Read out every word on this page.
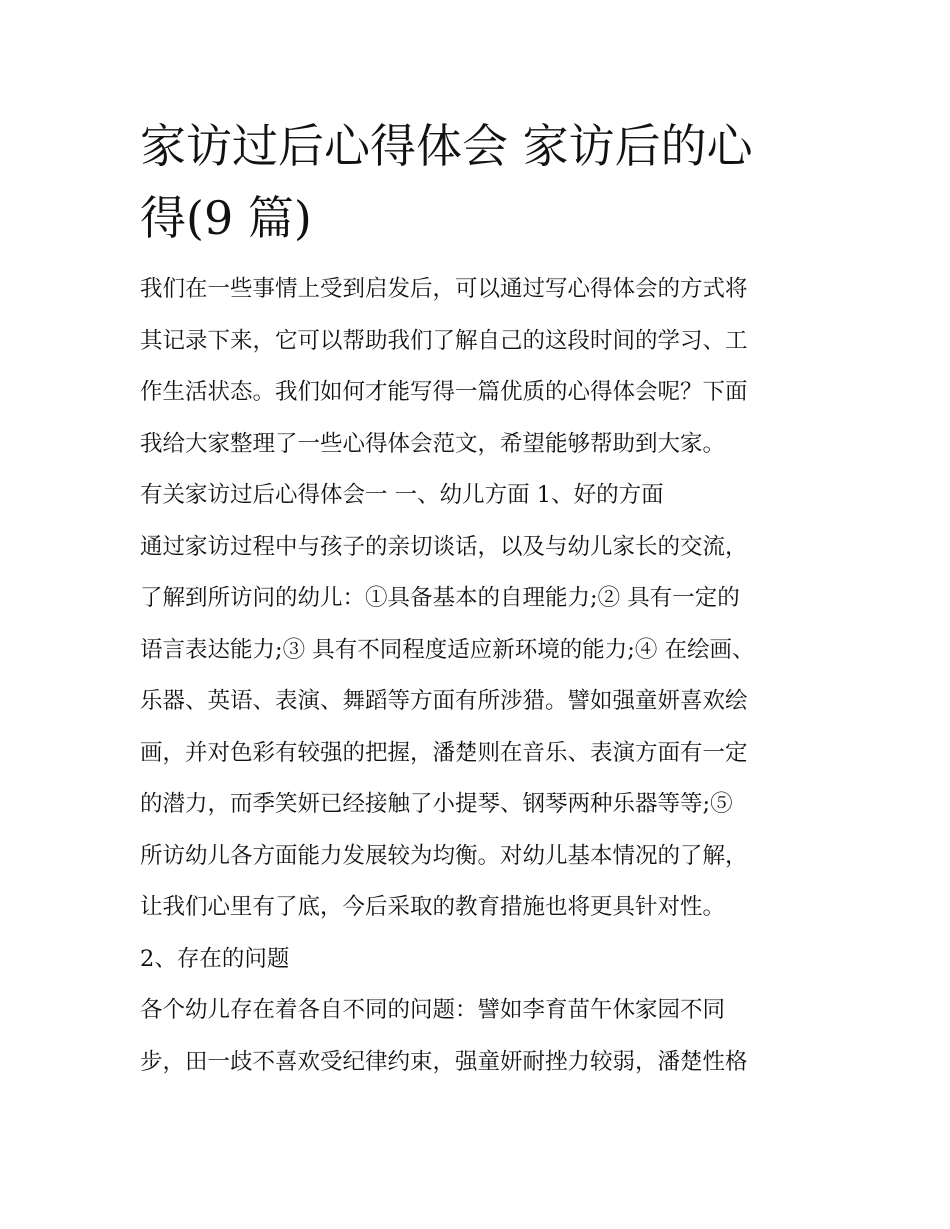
家访过后心得体会 家访后的心
得(9 篇)
我们在一些事情上受到启发后，可以通过写心得体会的方式将
其记录下来，它可以帮助我们了解自己的这段时间的学习、工
作生活状态。我们如何才能写得一篇优质的心得体会呢？下面
我给大家整理了一些心得体会范文，希望能够帮助到大家。
有关家访过后心得体会一 一、幼儿方面 1、好的方面
通过家访过程中与孩子的亲切谈话，以及与幼儿家长的交流，
了解到所访问的幼儿：①具备基本的自理能力;② 具有一定的
语言表达能力;③ 具有不同程度适应新环境的能力;④ 在绘画、
乐器、英语、表演、舞蹈等方面有所涉猎。譬如强童妍喜欢绘
画，并对色彩有较强的把握，潘楚则在音乐、表演方面有一定
的潜力，而季笑妍已经接触了小提琴、钢琴两种乐器等等;⑤
所访幼儿各方面能力发展较为均衡。对幼儿基本情况的了解，
让我们心里有了底，今后采取的教育措施也将更具针对性。
2、存在的问题
各个幼儿存在着各自不同的问题：譬如李育苗午休家园不同
步，田一歧不喜欢受纪律约束，强童妍耐挫力较弱，潘楚性格
